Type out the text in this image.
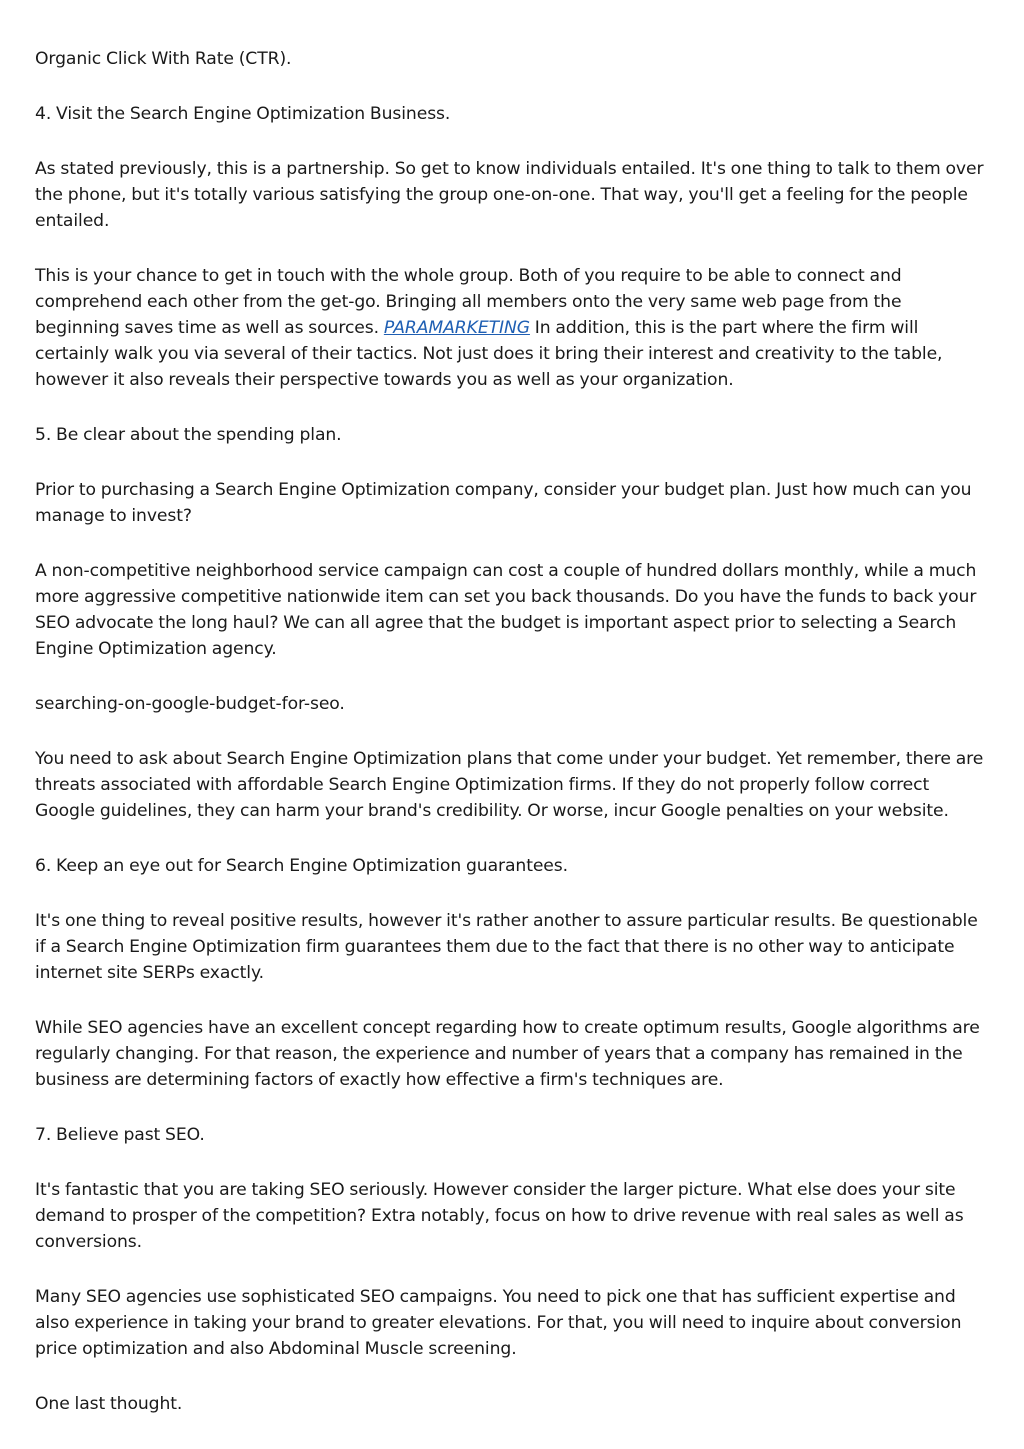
Organic Click With Rate (CTR).

4. Visit the Search Engine Optimization Business.

As stated previously, this is a partnership. So get to know individuals entailed. It's one thing to talk to them over the phone, but it's totally various satisfying the group one-on-one. That way, you'll get a feeling for the people entailed.

This is your chance to get in touch with the whole group. Both of you require to be able to connect and comprehend each other from the get-go. Bringing all members onto the very same web page from the beginning saves time as well as sources. PARAMARKETING In addition, this is the part where the firm will certainly walk you via several of their tactics. Not just does it bring their interest and creativity to the table, however it also reveals their perspective towards you as well as your organization.

5. Be clear about the spending plan.

Prior to purchasing a Search Engine Optimization company, consider your budget plan. Just how much can you manage to invest?

A non-competitive neighborhood service campaign can cost a couple of hundred dollars monthly, while a much more aggressive competitive nationwide item can set you back thousands. Do you have the funds to back your SEO advocate the long haul? We can all agree that the budget is important aspect prior to selecting a Search Engine Optimization agency.

searching-on-google-budget-for-seo.

You need to ask about Search Engine Optimization plans that come under your budget. Yet remember, there are threats associated with affordable Search Engine Optimization firms. If they do not properly follow correct Google guidelines, they can harm your brand's credibility. Or worse, incur Google penalties on your website.

6. Keep an eye out for Search Engine Optimization guarantees.

It's one thing to reveal positive results, however it's rather another to assure particular results. Be questionable if a Search Engine Optimization firm guarantees them due to the fact that there is no other way to anticipate internet site SERPs exactly.

While SEO agencies have an excellent concept regarding how to create optimum results, Google algorithms are regularly changing. For that reason, the experience and number of years that a company has remained in the business are determining factors of exactly how effective a firm's techniques are.

7. Believe past SEO.

It's fantastic that you are taking SEO seriously. However consider the larger picture. What else does your site demand to prosper of the competition? Extra notably, focus on how to drive revenue with real sales as well as conversions.

Many SEO agencies use sophisticated SEO campaigns. You need to pick one that has sufficient expertise and also experience in taking your brand to greater elevations. For that, you will need to inquire about conversion price optimization and also Abdominal Muscle screening.

One last thought.
